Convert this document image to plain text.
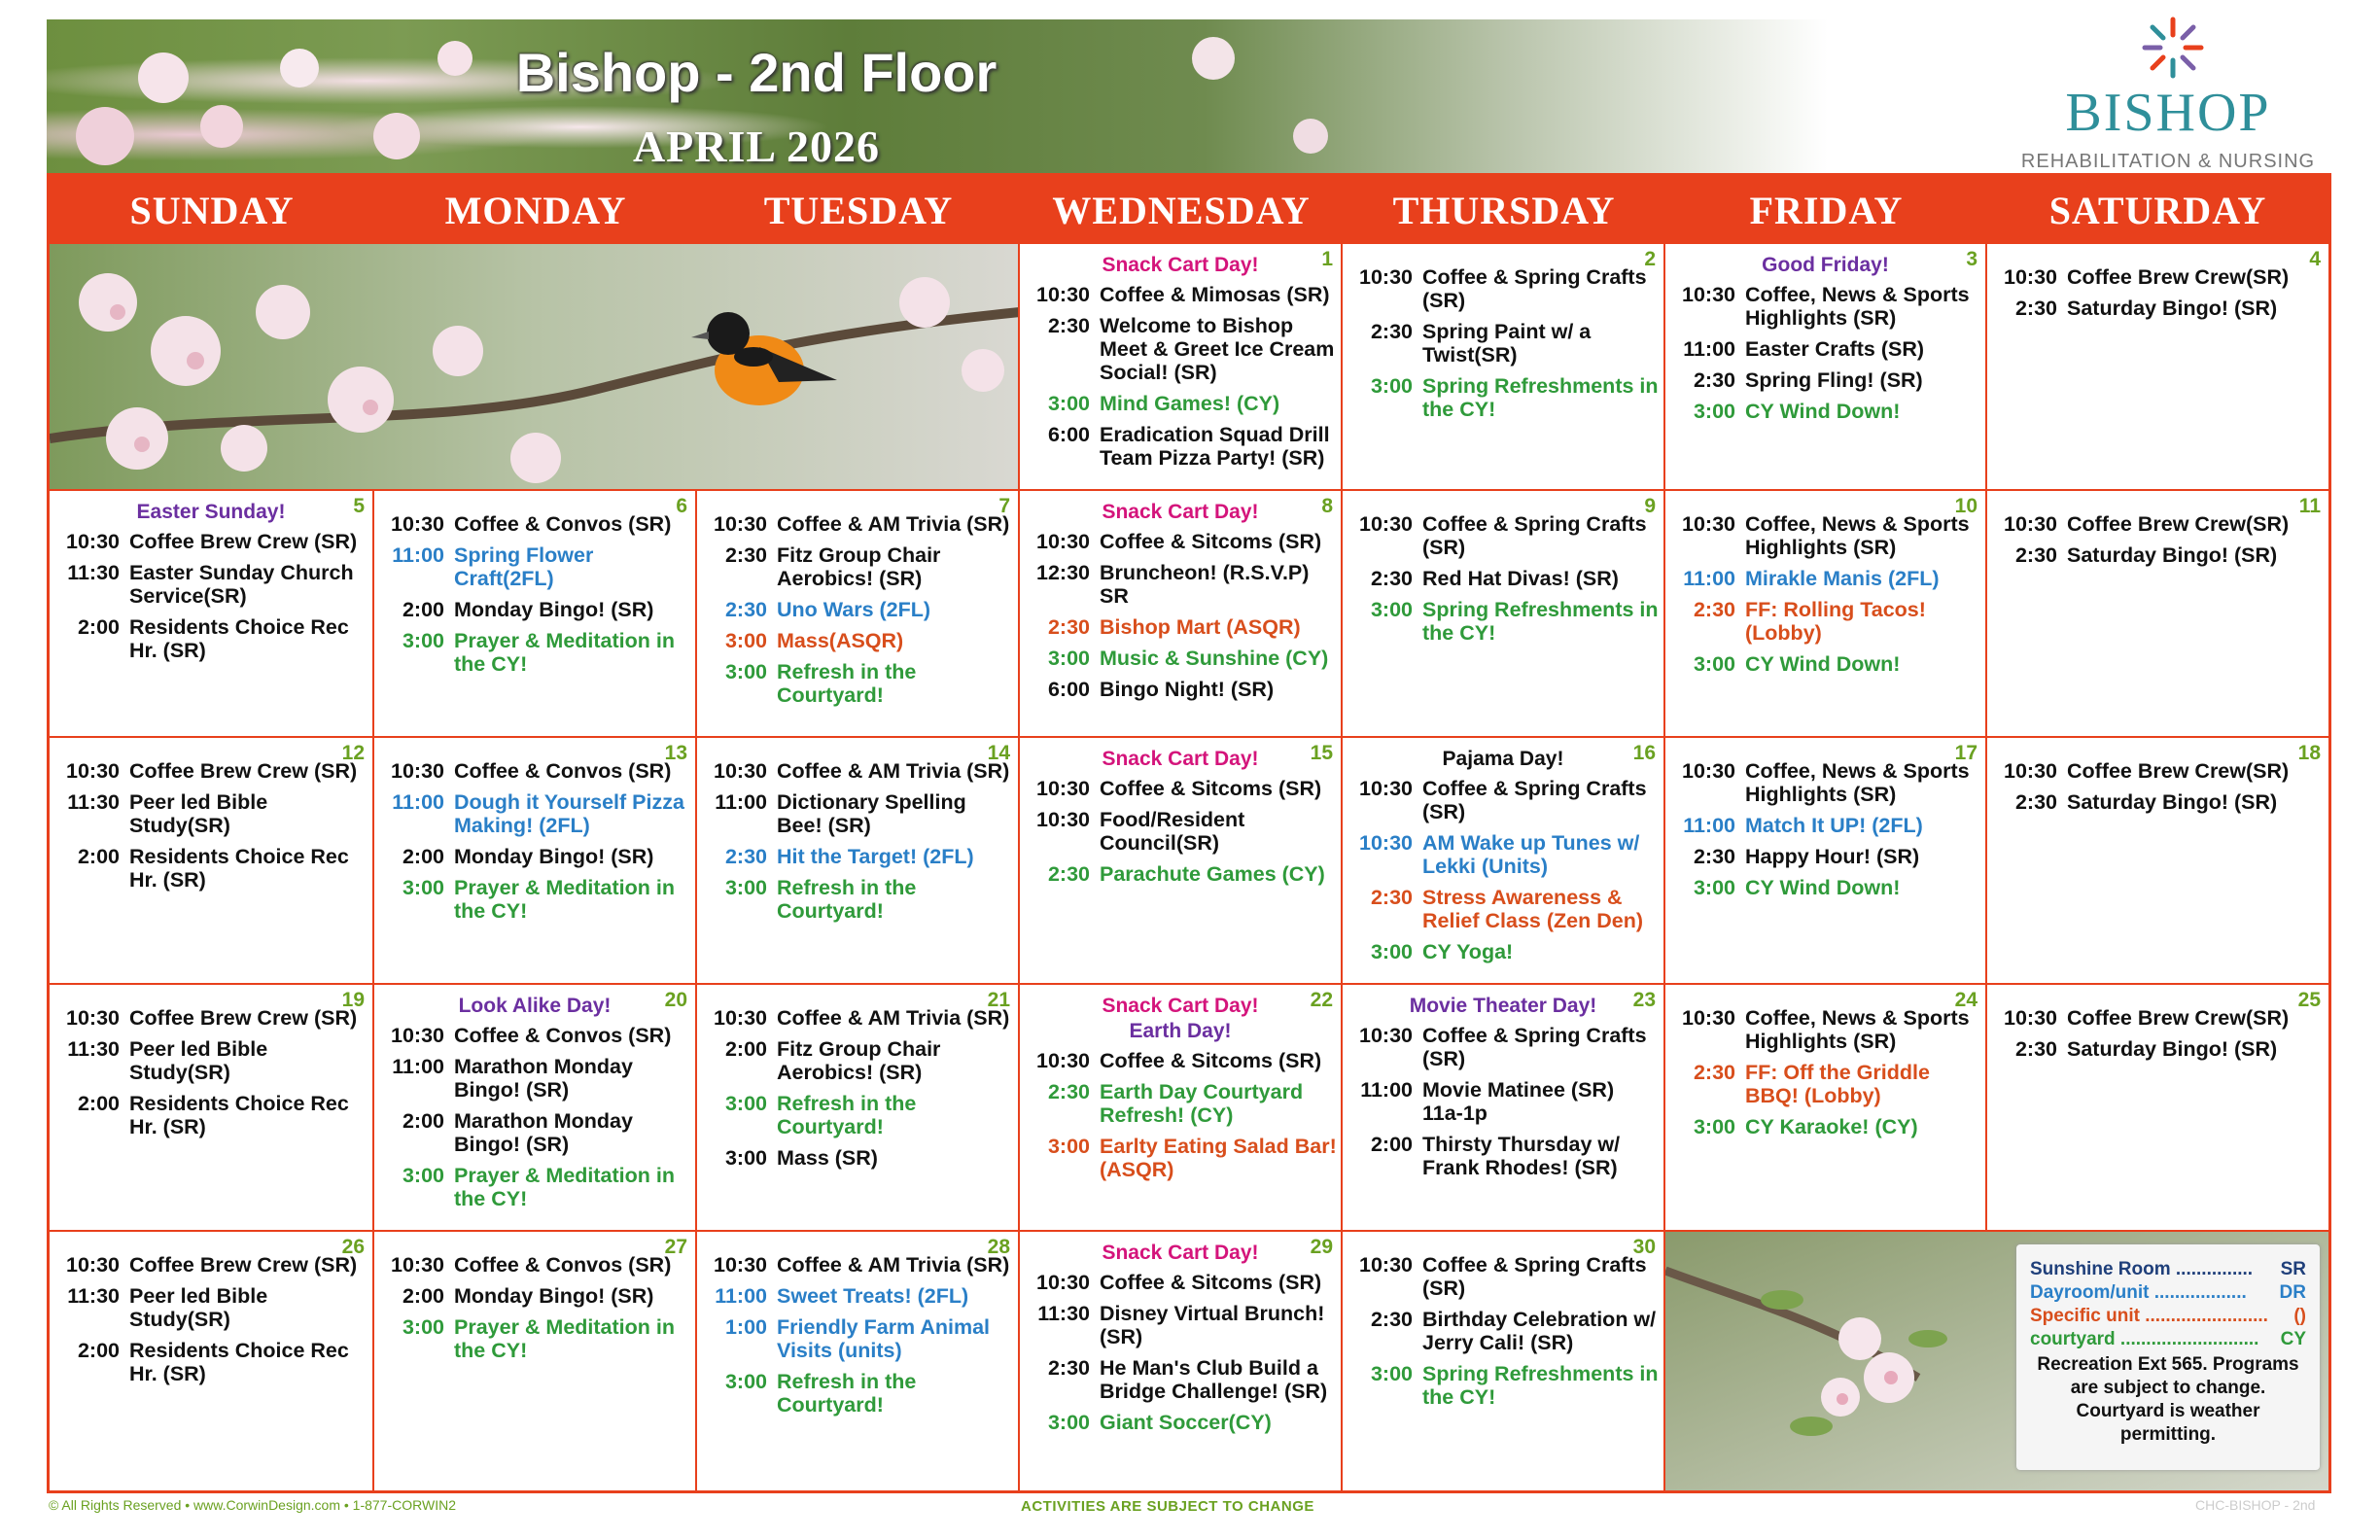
Bishop - 2nd Floor
APRIL 2026
BISHOP
REHABILITATION & NURSING
SUNDAY	MONDAY	TUESDAY	WEDNESDAY	THURSDAY	FRIDAY	SATURDAY
1
Snack Cart Day!
10:30 Coffee & Mimosas (SR)
2:30 Welcome to Bishop Meet & Greet Ice Cream Social! (SR)
3:00 Mind Games! (CY)
6:00 Eradication Squad Drill Team Pizza Party! (SR)
2
10:30 Coffee & Spring Crafts (SR)
2:30 Spring Paint w/ a Twist(SR)
3:00 Spring Refreshments in the CY!
3
Good Friday!
10:30 Coffee, News & Sports Highlights (SR)
11:00 Easter Crafts (SR)
2:30 Spring Fling! (SR)
3:00 CY Wind Down!
4
10:30 Coffee Brew Crew(SR)
2:30 Saturday Bingo! (SR)
5
Easter Sunday!
10:30 Coffee Brew Crew (SR)
11:30 Easter Sunday Church Service(SR)
2:00 Residents Choice Rec Hr. (SR)
6
10:30 Coffee & Convos (SR)
11:00 Spring Flower Craft(2FL)
2:00 Monday Bingo! (SR)
3:00 Prayer & Meditation in the CY!
7
10:30 Coffee & AM Trivia (SR)
2:30 Fitz Group Chair Aerobics! (SR)
2:30 Uno Wars (2FL)
3:00 Mass(ASQR)
3:00 Refresh in the Courtyard!
8
Snack Cart Day!
10:30 Coffee & Sitcoms (SR)
12:30 Bruncheon! (R.S.V.P) SR
2:30 Bishop Mart (ASQR)
3:00 Music & Sunshine (CY)
6:00 Bingo Night! (SR)
9
10:30 Coffee & Spring Crafts (SR)
2:30 Red Hat Divas! (SR)
3:00 Spring Refreshments in the CY!
10
10:30 Coffee, News & Sports Highlights (SR)
11:00 Mirakle Manis (2FL)
2:30 FF: Rolling Tacos! (Lobby)
3:00 CY Wind Down!
11
10:30 Coffee Brew Crew(SR)
2:30 Saturday Bingo! (SR)
12
10:30 Coffee Brew Crew (SR)
11:30 Peer led Bible Study(SR)
2:00 Residents Choice Rec Hr. (SR)
13
10:30 Coffee & Convos (SR)
11:00 Dough it Yourself Pizza Making! (2FL)
2:00 Monday Bingo! (SR)
3:00 Prayer & Meditation in the CY!
14
10:30 Coffee & AM Trivia (SR)
11:00 Dictionary Spelling Bee! (SR)
2:30 Hit the Target! (2FL)
3:00 Refresh in the Courtyard!
15
Snack Cart Day!
10:30 Coffee & Sitcoms (SR)
10:30 Food/Resident Council(SR)
2:30 Parachute Games (CY)
16
Pajama Day!
10:30 Coffee & Spring Crafts (SR)
10:30 AM Wake up Tunes w/ Lekki (Units)
2:30 Stress Awareness & Relief Class (Zen Den)
3:00 CY Yoga!
17
10:30 Coffee, News & Sports Highlights (SR)
11:00 Match It UP! (2FL)
2:30 Happy Hour! (SR)
3:00 CY Wind Down!
18
10:30 Coffee Brew Crew(SR)
2:30 Saturday Bingo! (SR)
19
10:30 Coffee Brew Crew (SR)
11:30 Peer led Bible Study(SR)
2:00 Residents Choice Rec Hr. (SR)
20
Look Alike Day!
10:30 Coffee & Convos (SR)
11:00 Marathon Monday Bingo! (SR)
2:00 Marathon Monday Bingo! (SR)
3:00 Prayer & Meditation in the CY!
21
10:30 Coffee & AM Trivia (SR)
2:00 Fitz Group Chair Aerobics! (SR)
3:00 Refresh in the Courtyard!
3:00 Mass (SR)
22
Snack Cart Day!
Earth Day!
10:30 Coffee & Sitcoms (SR)
2:30 Earth Day Courtyard Refresh! (CY)
3:00 Earlty Eating Salad Bar! (ASQR)
23
Movie Theater Day!
10:30 Coffee & Spring Crafts (SR)
11:00 Movie Matinee (SR) 11a-1p
2:00 Thirsty Thursday w/ Frank Rhodes! (SR)
24
10:30 Coffee, News & Sports Highlights (SR)
2:30 FF: Off the Griddle BBQ! (Lobby)
3:00 CY Karaoke! (CY)
25
10:30 Coffee Brew Crew(SR)
2:30 Saturday Bingo! (SR)
26
10:30 Coffee Brew Crew (SR)
11:30 Peer led Bible Study(SR)
2:00 Residents Choice Rec Hr. (SR)
27
10:30 Coffee & Convos (SR)
2:00 Monday Bingo! (SR)
3:00 Prayer & Meditation in the CY!
28
10:30 Coffee & AM Trivia (SR)
11:00 Sweet Treats! (2FL)
1:00 Friendly Farm Animal Visits (units)
3:00 Refresh in the Courtyard!
29
Snack Cart Day!
10:30 Coffee & Sitcoms (SR)
11:30 Disney Virtual Brunch! (SR)
2:30 He Man's Club Build a Bridge Challenge! (SR)
3:00 Giant Soccer(CY)
30
10:30 Coffee & Spring Crafts (SR)
2:30 Birthday Celebration w/ Jerry Cali! (SR)
3:00 Spring Refreshments in the CY!
Sunshine Room ............... SR
Dayroom/unit .................. DR
Specific unit ........................ ()
courtyard ........................... CY
Recreation Ext 565. Programs are subject to change. Courtyard is weather permitting.
© All Rights Reserved • www.CorwinDesign.com • 1-877-CORWIN2	ACTIVITIES ARE SUBJECT TO CHANGE	CHC-BISHOP - 2nd
